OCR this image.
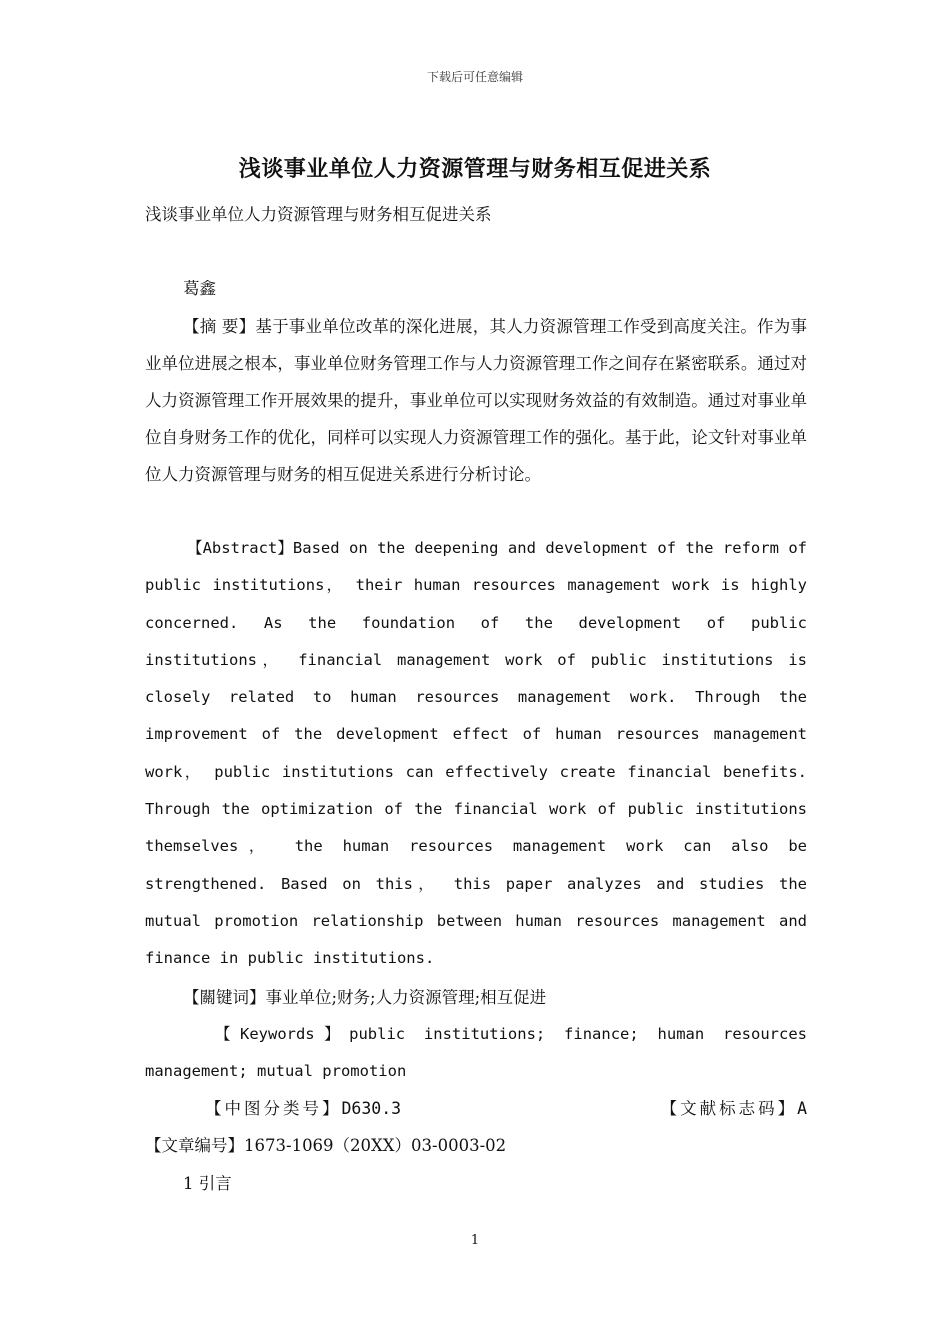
下载后可任意编辑
浅谈事业单位人力资源管理与财务相互促进关系
浅谈事业单位人力资源管理与财务相互促进关系
葛鑫
【摘 要】基于事业单位改革的深化进展，其人力资源管理工作受到高度关注。作为事业单位进展之根本，事业单位财务管理工作与人力资源管理工作之间存在紧密联系。通过对人力资源管理工作开展效果的提升，事业单位可以实现财务效益的有效制造。通过对事业单位自身财务工作的优化，同样可以实现人力资源管理工作的强化。基于此，论文针对事业单位人力资源管理与财务的相互促进关系进行分析讨论。
【Abstract】Based on the deepening and development of the reform of public institutions， their human resources management work is highly concerned. As the foundation of the development of public institutions， financial management work of public institutions is closely related to human resources management work. Through the improvement of the development effect of human resources management work， public institutions can effectively create financial benefits. Through the optimization of the financial work of public institutions themselves， the human resources management work can also be strengthened. Based on this， this paper analyzes and studies the mutual promotion relationship between human resources management and finance in public institutions.
【關键词】事业单位;财务;人力资源管理;相互促进
【Keywords】public institutions; finance; human resources management; mutual promotion
【中图分类号】D630.3	【文献标志码】A
【文章编号】1673-1069（20XX）03-0003-02
1 引言
1
